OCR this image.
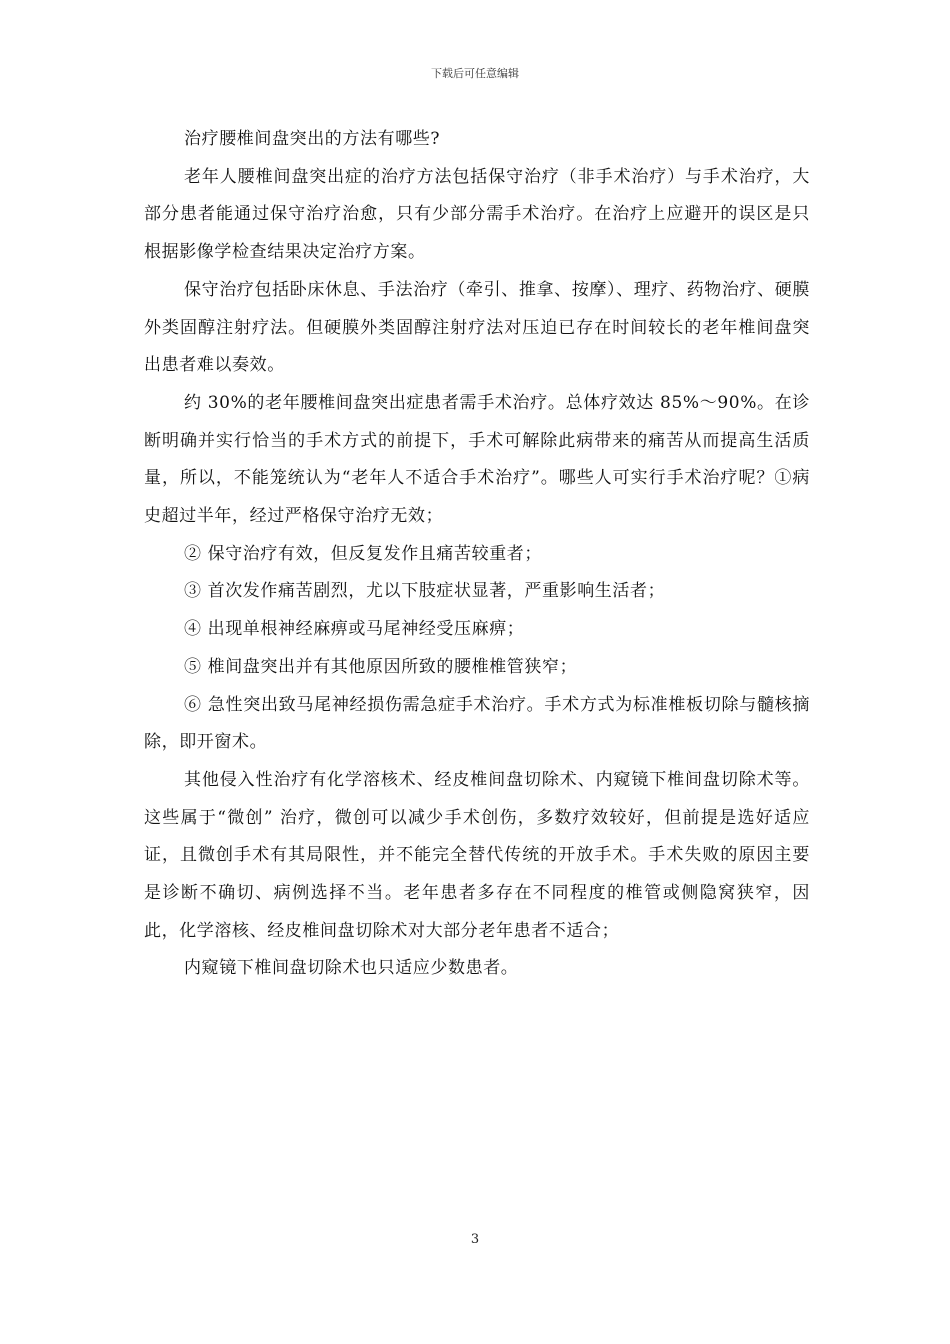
下载后可任意编辑

治疗腰椎间盘突出的方法有哪些?

老年人腰椎间盘突出症的治疗方法包括保守治疗（非手术治疗）与手术治疗，大部分患者能通过保守治疗治愈，只有少部分需手术治疗。在治疗上应避开的误区是只根据影像学检查结果决定治疗方案。

保守治疗包括卧床休息、手法治疗（牵引、推拿、按摩）、理疗、药物治疗、硬膜外类固醇注射疗法。但硬膜外类固醇注射疗法对压迫已存在时间较长的老年椎间盘突出患者难以奏效。

约 30%的老年腰椎间盘突出症患者需手术治疗。总体疗效达 85%～90%。在诊断明确并实行恰当的手术方式的前提下，手术可解除此病带来的痛苦从而提高生活质量，所以，不能笼统认为“老年人不适合手术治疗”。哪些人可实行手术治疗呢？①病史超过半年，经过严格保守治疗无效；

② 保守治疗有效，但反复发作且痛苦较重者；

③ 首次发作痛苦剧烈，尤以下肢症状显著，严重影响生活者；

④ 出现单根神经麻痹或马尾神经受压麻痹；

⑤ 椎间盘突出并有其他原因所致的腰椎椎管狭窄；

⑥ 急性突出致马尾神经损伤需急症手术治疗。手术方式为标准椎板切除与髓核摘除，即开窗术。

其他侵入性治疗有化学溶核术、经皮椎间盘切除术、内窥镜下椎间盘切除术等。这些属于“微创” 治疗，微创可以减少手术创伤，多数疗效较好，但前提是选好适应证，且微创手术有其局限性，并不能完全替代传统的开放手术。手术失败的原因主要是诊断不确切、病例选择不当。老年患者多存在不同程度的椎管或侧隐窝狭窄，因此，化学溶核、经皮椎间盘切除术对大部分老年患者不适合；

内窥镜下椎间盘切除术也只适应少数患者。

3
